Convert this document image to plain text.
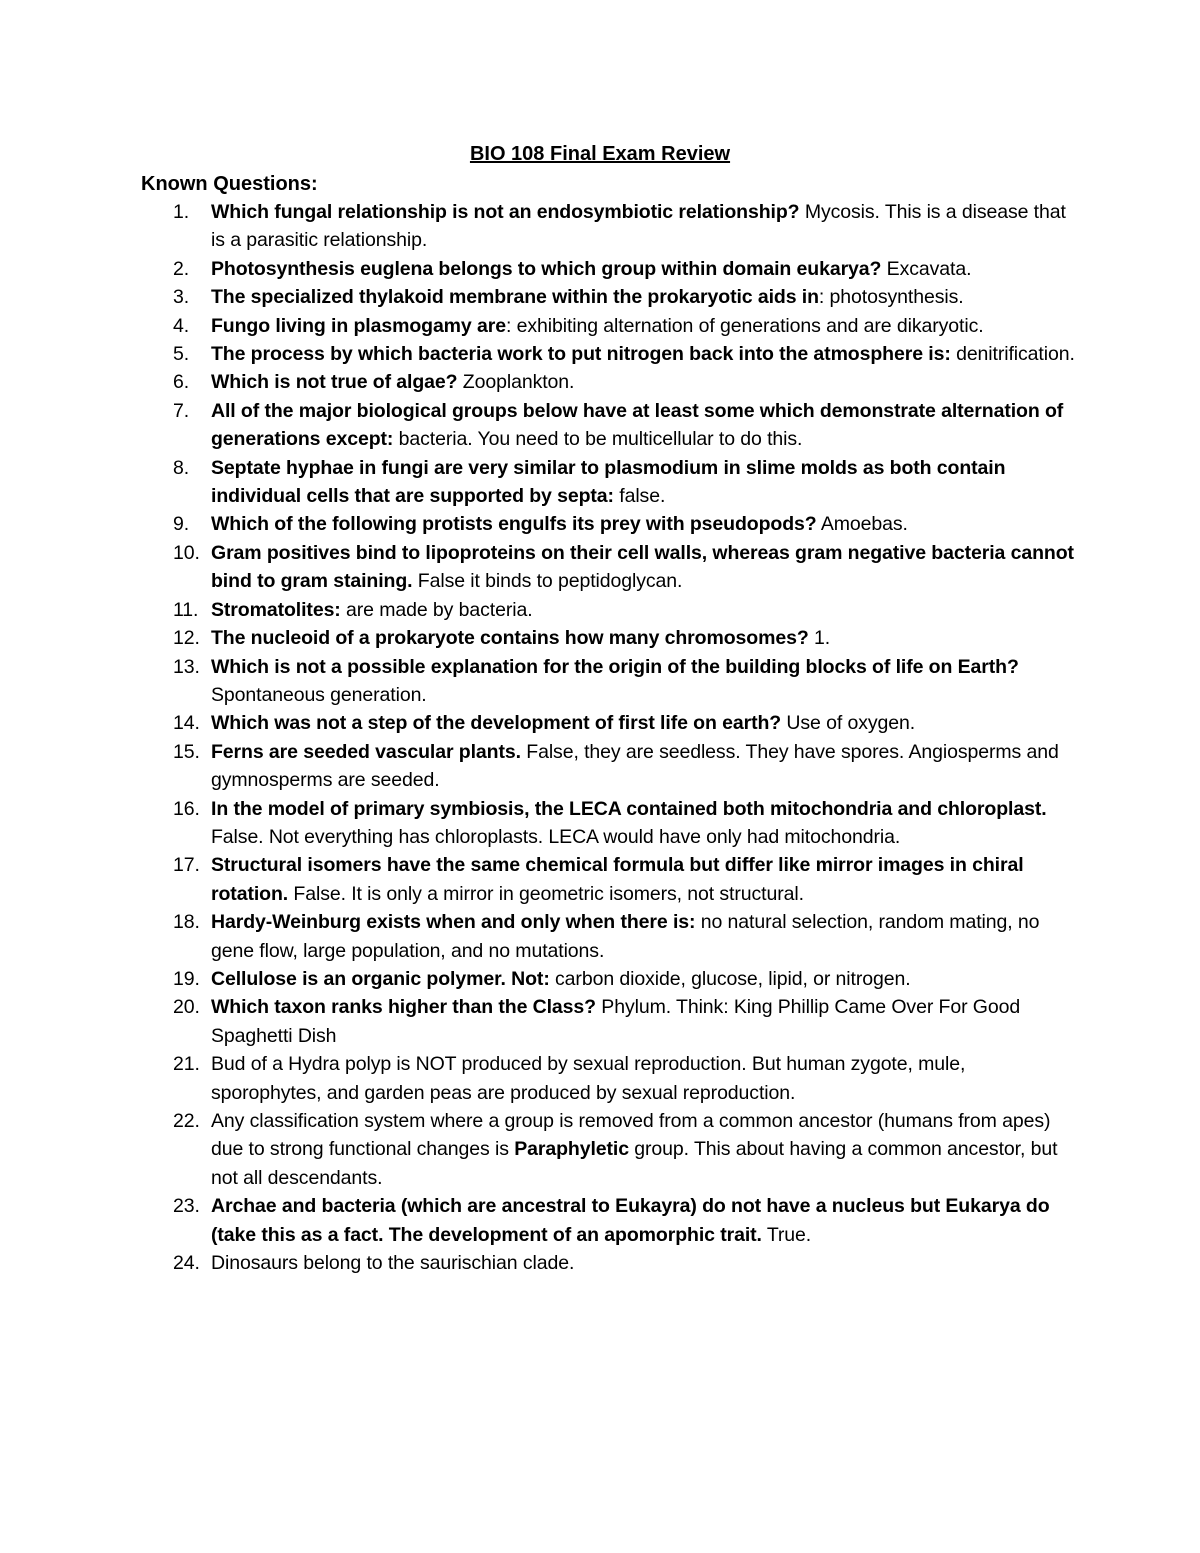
BIO 108 Final Exam Review
Known Questions:
1. Which fungal relationship is not an endosymbiotic relationship? Mycosis. This is a disease that is a parasitic relationship.
2. Photosynthesis euglena belongs to which group within domain eukarya? Excavata.
3. The specialized thylakoid membrane within the prokaryotic aids in: photosynthesis.
4. Fungo living in plasmogamy are: exhibiting alternation of generations and are dikaryotic.
5. The process by which bacteria work to put nitrogen back into the atmosphere is: denitrification.
6. Which is not true of algae? Zooplankton.
7. All of the major biological groups below have at least some which demonstrate alternation of generations except: bacteria. You need to be multicellular to do this.
8. Septate hyphae in fungi are very similar to plasmodium in slime molds as both contain individual cells that are supported by septa: false.
9. Which of the following protists engulfs its prey with pseudopods? Amoebas.
10. Gram positives bind to lipoproteins on their cell walls, whereas gram negative bacteria cannot bind to gram staining. False it binds to peptidoglycan.
11. Stromatolites: are made by bacteria.
12. The nucleoid of a prokaryote contains how many chromosomes? 1.
13. Which is not a possible explanation for the origin of the building blocks of life on Earth? Spontaneous generation.
14. Which was not a step of the development of first life on earth? Use of oxygen.
15. Ferns are seeded vascular plants. False, they are seedless. They have spores. Angiosperms and gymnosperms are seeded.
16. In the model of primary symbiosis, the LECA contained both mitochondria and chloroplast. False. Not everything has chloroplasts. LECA would have only had mitochondria.
17. Structural isomers have the same chemical formula but differ like mirror images in chiral rotation. False. It is only a mirror in geometric isomers, not structural.
18. Hardy-Weinburg exists when and only when there is: no natural selection, random mating, no gene flow, large population, and no mutations.
19. Cellulose is an organic polymer. Not: carbon dioxide, glucose, lipid, or nitrogen.
20. Which taxon ranks higher than the Class? Phylum. Think: King Phillip Came Over For Good Spaghetti Dish
21. Bud of a Hydra polyp is NOT produced by sexual reproduction. But human zygote, mule, sporophytes, and garden peas are produced by sexual reproduction.
22. Any classification system where a group is removed from a common ancestor (humans from apes) due to strong functional changes is Paraphyletic group. This about having a common ancestor, but not all descendants.
23. Archae and bacteria (which are ancestral to Eukayra) do not have a nucleus but Eukarya do (take this as a fact. The development of an apomorphic trait. True.
24. Dinosaurs belong to the saurischian clade.
